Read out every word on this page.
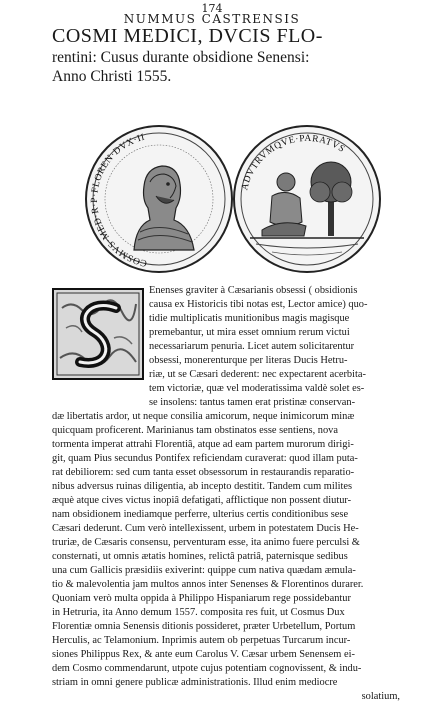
174
NUMMUS CASTRENSIS
COSMI MEDICI, DVCIS FLO-
rentini: Cusus durante obsidione Senensi:
Anno Christi 1555.
COSMVS·MED·R·P·FLOREN·DVX·II
ADVTRVMQVE·PARATVS
Enenses graviter à Cæsarianis obsessi ( obsidionis
causa ex Historicis tibi notas est, Lector amice) quo-
tidie multiplicatis munitionibus magis magisque
premebantur, ut mira esset omnium rerum victui
necessariarum penuria. Licet autem solicitarentur
obsessi, monerenturque per literas Ducis Hetru-
riæ, ut se Cæsari dederent: nec expectarent acerbita-
tem victoriæ, quæ vel moderatissima valdè solet es-
se insolens: tantus tamen erat pristinæ conservan-
dæ libertatis ardor, ut neque consilia amicorum, neque inimicorum minæ
quicquam proficerent. Marinianus tam obstinatos esse sentiens, nova
tormenta imperat attrahi Florentiâ, atque ad eam partem murorum dirigi-
git, quam Pius secundus Pontifex reficiendam curaverat: quod illam puta-
rat debiliorem: sed cum tanta esset obsessorum in restaurandis reparatio-
nibus adversus ruinas diligentia, ab incepto destitit. Tandem cum milites
æquè atque cives victus inopiâ defatigati, afflictique non possent diutur-
nam obsidionem inediamque perferre, ulterius certis conditionibus sese
Cæsari dederunt. Cum verò intellexissent, urbem in potestatem Ducis He-
truriæ, de Cæsaris consensu, perventuram esse, ita animo fuere perculsi &
consternati, ut omnis ætatis homines, relictâ patriâ, paternisque sedibus
una cum Gallicis præsidiis exiverint: quippe cum nativa quædam æmula-
tio & malevolentia jam multos annos inter Senenses & Florentinos durarer.
Quoniam verò multa oppida à Philippo Hispaniarum rege possidebantur
in Hetruria, ita Anno demum 1557. composita res fuit, ut Cosmus Dux
Florentiæ omnia Senensis ditionis possideret, præter Urbetellum, Portum
Herculis, ac Telamonium. Inprimis autem ob perpetuas Turcarum incur-
siones Philippus Rex, & ante eum Carolus V. Cæsar urbem Senensem ei-
dem Cosmo commendarunt, utpote cujus potentiam cognovissent, & indu-
striam in omni genere publicæ administrationis. Illud enim mediocre
solatium,
